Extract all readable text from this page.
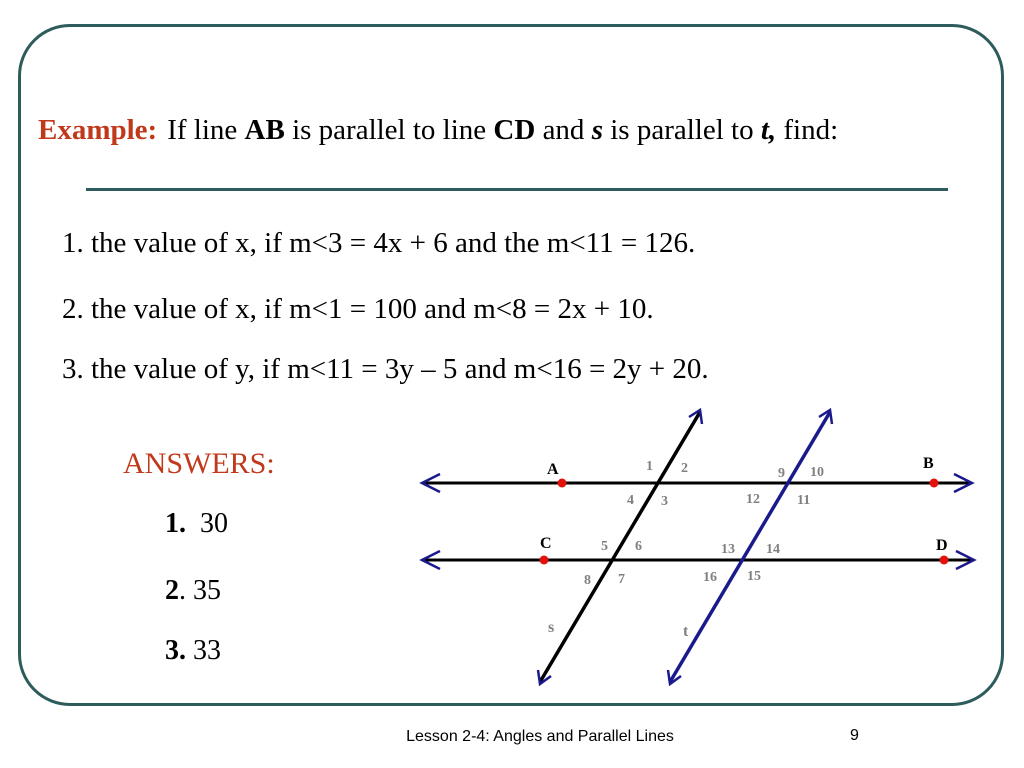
Example: If line AB is parallel to line CD and s is parallel to t, find:
1. the value of x, if m<3 = 4x + 6 and the m<11 = 126.
2. the value of x, if m<1 = 100 and m<8 = 2x + 10.
3. the value of y, if m<11 = 3y – 5 and m<16 = 2y + 20.
ANSWERS:
1. 30
2. 35
3. 33
A	B
C	D
s	t
1 2
3
4
5 6
7
8
9 10
11
12
13 14
15
16
Lesson 2-4: Angles and Parallel Lines	9
